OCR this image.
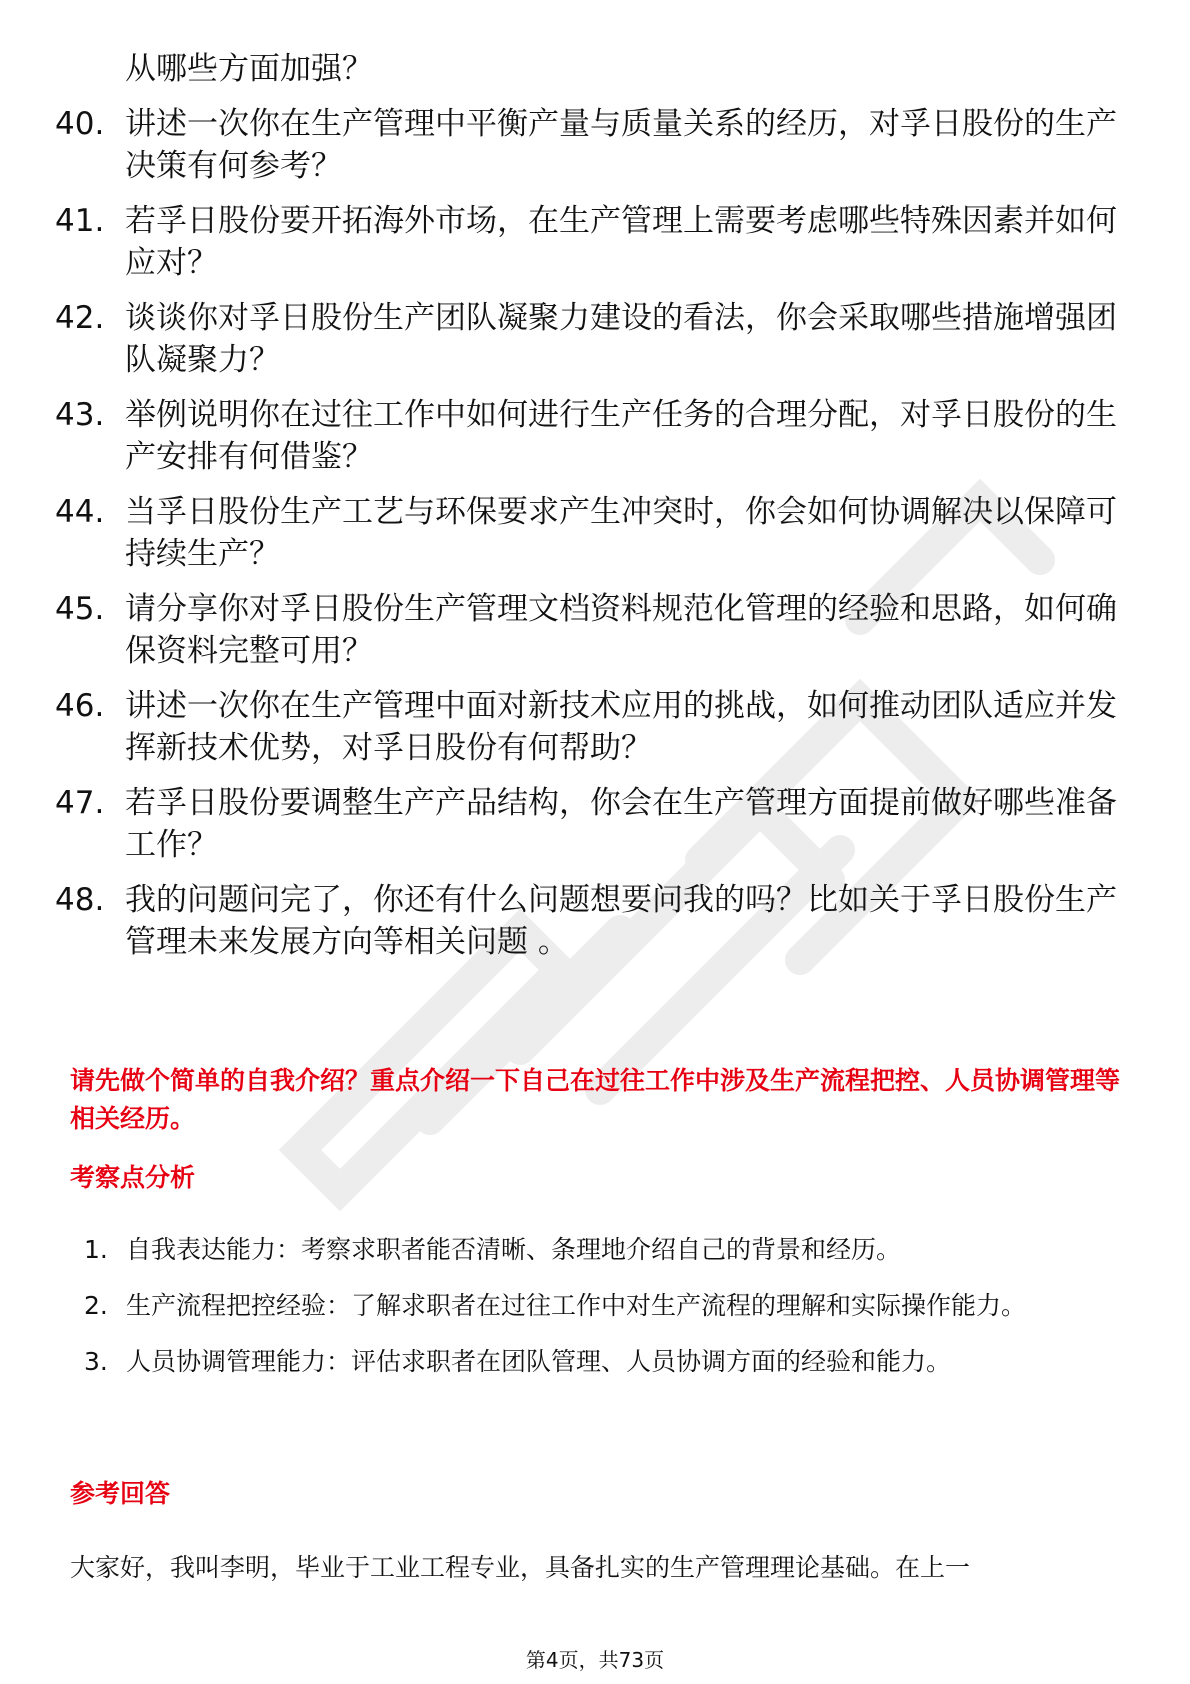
从哪些方面加强？
40. 讲述一次你在生产管理中平衡产量与质量关系的经历，对孚日股份的生产决策有何参考？
41. 若孚日股份要开拓海外市场，在生产管理上需要考虑哪些特殊因素并如何应对？
42. 谈谈你对孚日股份生产团队凝聚力建设的看法，你会采取哪些措施增强团队凝聚力？
43. 举例说明你在过往工作中如何进行生产任务的合理分配，对孚日股份的生产安排有何借鉴？
44. 当孚日股份生产工艺与环保要求产生冲突时，你会如何协调解决以保障可持续生产？
45. 请分享你对孚日股份生产管理文档资料规范化管理的经验和思路，如何确保资料完整可用？
46. 讲述一次你在生产管理中面对新技术应用的挑战，如何推动团队适应并发挥新技术优势，对孚日股份有何帮助？
47. 若孚日股份要调整生产产品结构，你会在生产管理方面提前做好哪些准备工作？
48. 我的问题问完了，你还有什么问题想要问我的吗？比如关于孚日股份生产管理未来发展方向等相关问题 。
请先做个简单的自我介绍？重点介绍一下自己在过往工作中涉及生产流程把控、人员协调管理等相关经历。
考察点分析
1. 自我表达能力：考察求职者能否清晰、条理地介绍自己的背景和经历。
2. 生产流程把控经验：了解求职者在过往工作中对生产流程的理解和实际操作能力。
3. 人员协调管理能力：评估求职者在团队管理、人员协调方面的经验和能力。
参考回答
大家好，我叫李明，毕业于工业工程专业，具备扎实的生产管理理论基础。在上一
第4页，共73页
